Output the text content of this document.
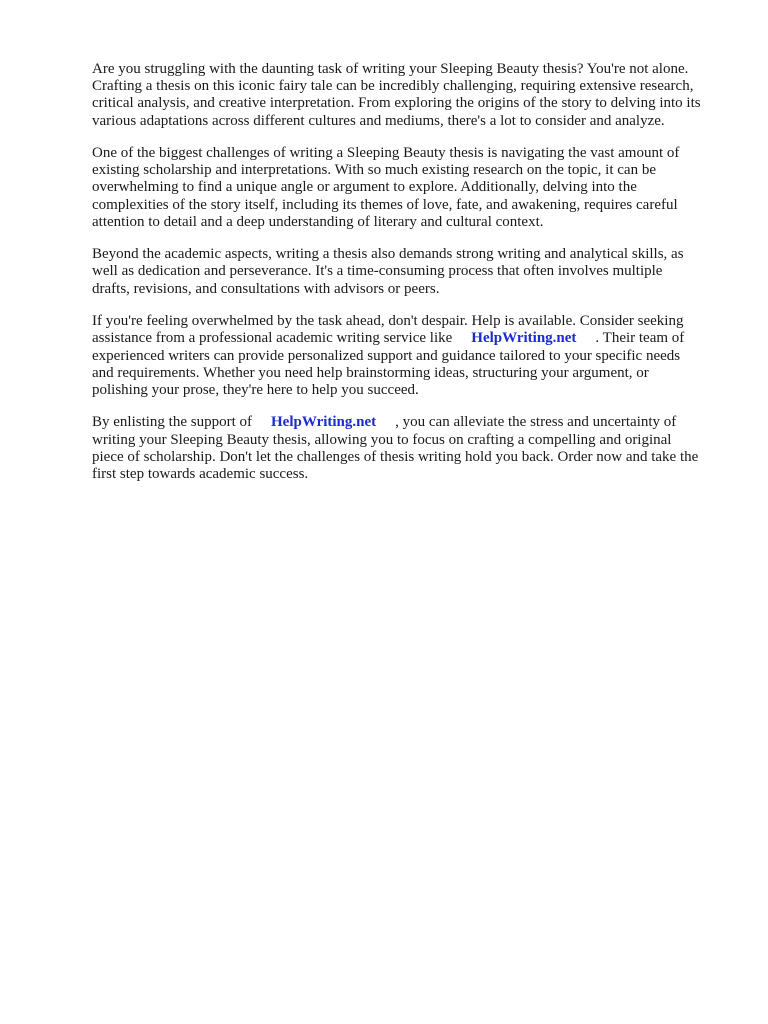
Are you struggling with the daunting task of writing your Sleeping Beauty thesis? You're not alone.
Crafting a thesis on this iconic fairy tale can be incredibly challenging, requiring extensive research,
critical analysis, and creative interpretation. From exploring the origins of the story to delving into its
various adaptations across different cultures and mediums, there's a lot to consider and analyze.
One of the biggest challenges of writing a Sleeping Beauty thesis is navigating the vast amount of
existing scholarship and interpretations. With so much existing research on the topic, it can be
overwhelming to find a unique angle or argument to explore. Additionally, delving into the
complexities of the story itself, including its themes of love, fate, and awakening, requires careful
attention to detail and a deep understanding of literary and cultural context.
Beyond the academic aspects, writing a thesis also demands strong writing and analytical skills, as
well as dedication and perseverance. It's a time-consuming process that often involves multiple
drafts, revisions, and consultations with advisors or peers.
If you're feeling overwhelmed by the task ahead, don't despair. Help is available. Consider seeking
assistance from a professional academic writing service like HelpWriting.net . Their team of
experienced writers can provide personalized support and guidance tailored to your specific needs
and requirements. Whether you need help brainstorming ideas, structuring your argument, or
polishing your prose, they're here to help you succeed.
By enlisting the support of HelpWriting.net , you can alleviate the stress and uncertainty of
writing your Sleeping Beauty thesis, allowing you to focus on crafting a compelling and original
piece of scholarship. Don't let the challenges of thesis writing hold you back. Order now and take the
first step towards academic success.
